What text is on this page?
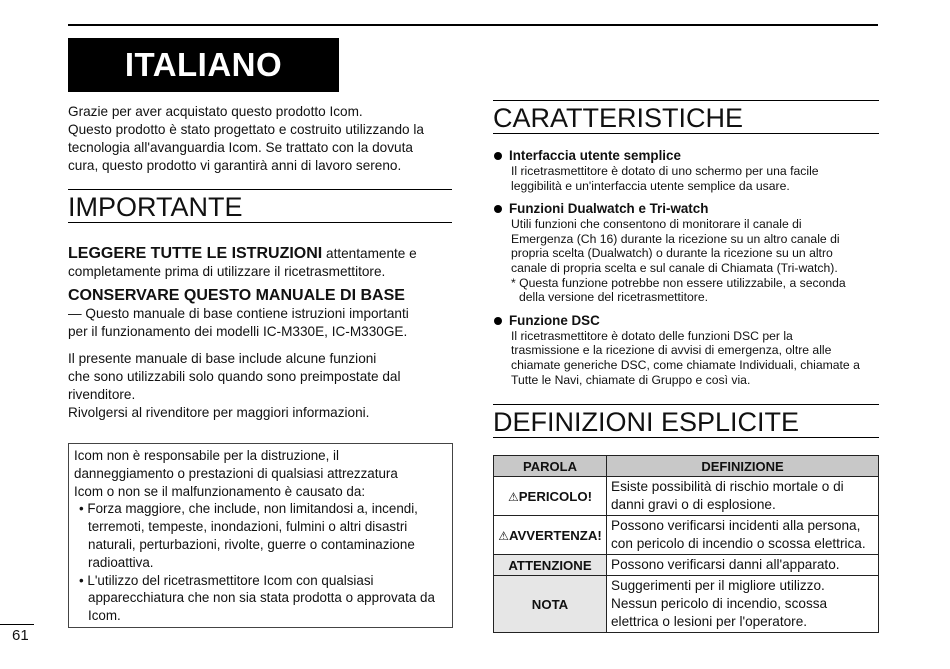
ITALIANO
Grazie per aver acquistato questo prodotto Icom.
Questo prodotto è stato progettato e costruito utilizzando la
tecnologia all'avanguardia Icom. Se trattato con la dovuta
cura, questo prodotto vi garantirà anni di lavoro sereno.
IMPORTANTE
LEGGERE TUTTE LE ISTRUZIONI attentamente e
completamente prima di utilizzare il ricetrasmettitore.
CONSERVARE QUESTO MANUALE DI BASE
— Questo manuale di base contiene istruzioni importanti
per il funzionamento dei modelli IC-M330E, IC-M330GE.
Il presente manuale di base include alcune funzioni
che sono utilizzabili solo quando sono preimpostate dal
rivenditore.
Rivolgersi al rivenditore per maggiori informazioni.
Icom non è responsabile per la distruzione, il
danneggiamento o prestazioni di qualsiasi attrezzatura
Icom o non se il malfunzionamento è causato da:
• Forza maggiore, che include, non limitandosi a, incendi, terremoti, tempeste, inondazioni, fulmini o altri disastri naturali, perturbazioni, rivolte, guerre o contaminazione radioattiva.
• L'utilizzo del ricetrasmettitore Icom con qualsiasi apparecchiatura che non sia stata prodotta o approvata da Icom.
CARATTERISTICHE
Interfaccia utente semplice
Il ricetrasmettitore è dotato di uno schermo per una facile
leggibilità e un'interfaccia utente semplice da usare.
Funzioni Dualwatch e Tri-watch
Utili funzioni che consentono di monitorare il canale di
Emergenza (Ch 16) durante la ricezione su un altro canale di
propria scelta (Dualwatch) o durante la ricezione su un altro
canale di propria scelta e sul canale di Chiamata (Tri-watch).
* Questa funzione potrebbe non essere utilizzabile, a seconda
della versione del ricetrasmettitore.
Funzione DSC
Il ricetrasmettitore è dotato delle funzioni DSC per la
trasmissione e la ricezione di avvisi di emergenza, oltre alle
chiamate generiche DSC, come chiamate Individuali, chiamate a
Tutte le Navi, chiamate di Gruppo e così via.
DEFINIZIONI ESPLICITE
PAROLA	DEFINIZIONE
⚠PERICOLO!	Esiste possibilità di rischio mortale o di
danni gravi o di esplosione.

⚠AVVERTENZA!	Possono verificarsi incidenti alla persona,
con pericolo di incendio o scossa elettrica.

ATTENZIONE	Possono verificarsi danni all'apparato.

NOTA	Suggerimenti per il migliore utilizzo.
Nessun pericolo di incendio, scossa
elettrica o lesioni per l'operatore.
61
